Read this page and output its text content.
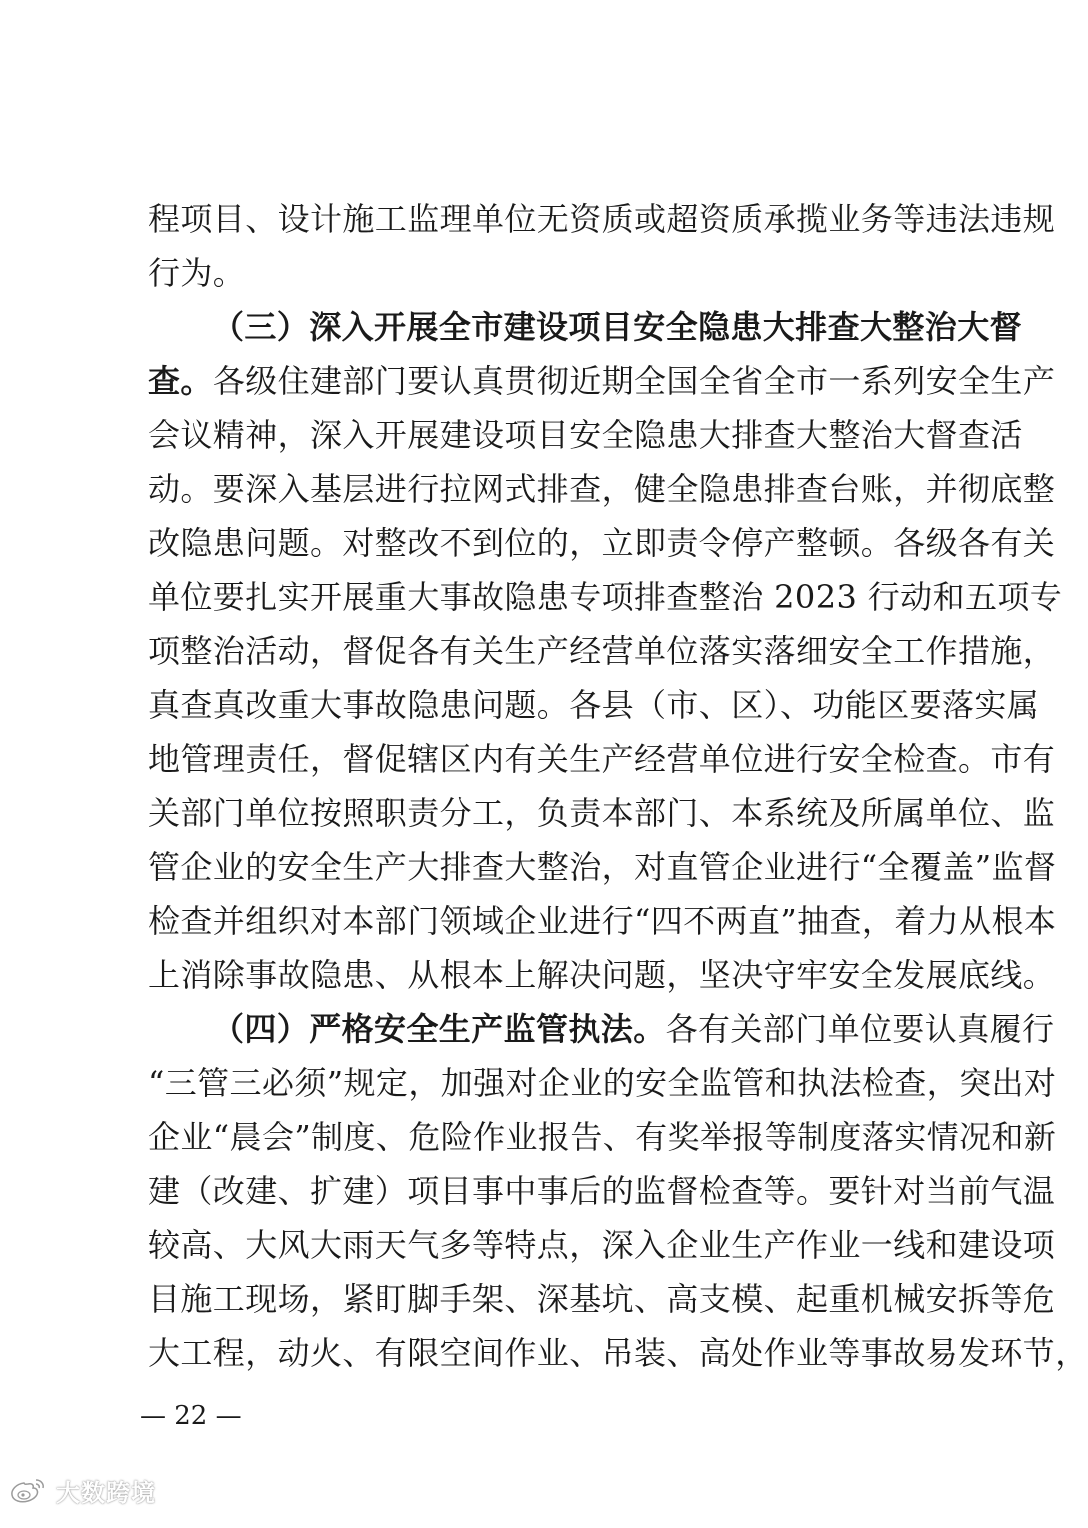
程项目、设计施工监理单位无资质或超资质承揽业务等违法违规
行为。
（三）深入开展全市建设项目安全隐患大排查大整治大督
查。各级住建部门要认真贯彻近期全国全省全市一系列安全生产
会议精神，深入开展建设项目安全隐患大排查大整治大督查活
动。要深入基层进行拉网式排查，健全隐患排查台账，并彻底整
改隐患问题。对整改不到位的，立即责令停产整顿。各级各有关
单位要扎实开展重大事故隐患专项排查整治 2023 行动和五项专
项整治活动，督促各有关生产经营单位落实落细安全工作措施，
真查真改重大事故隐患问题。各县（市、区）、功能区要落实属
地管理责任，督促辖区内有关生产经营单位进行安全检查。市有
关部门单位按照职责分工，负责本部门、本系统及所属单位、监
管企业的安全生产大排查大整治，对直管企业进行“全覆盖”监督
检查并组织对本部门领域企业进行“四不两直”抽查，着力从根本
上消除事故隐患、从根本上解决问题，坚决守牢安全发展底线。
（四）严格安全生产监管执法。各有关部门单位要认真履行
“三管三必须”规定，加强对企业的安全监管和执法检查，突出对
企业“晨会”制度、危险作业报告、有奖举报等制度落实情况和新
建（改建、扩建）项目事中事后的监督检查等。要针对当前气温
较高、大风大雨天气多等特点，深入企业生产作业一线和建设项
目施工现场，紧盯脚手架、深基坑、高支模、起重机械安拆等危
大工程，动火、有限空间作业、吊装、高处作业等事故易发环节，
— 22 —
大数跨境
